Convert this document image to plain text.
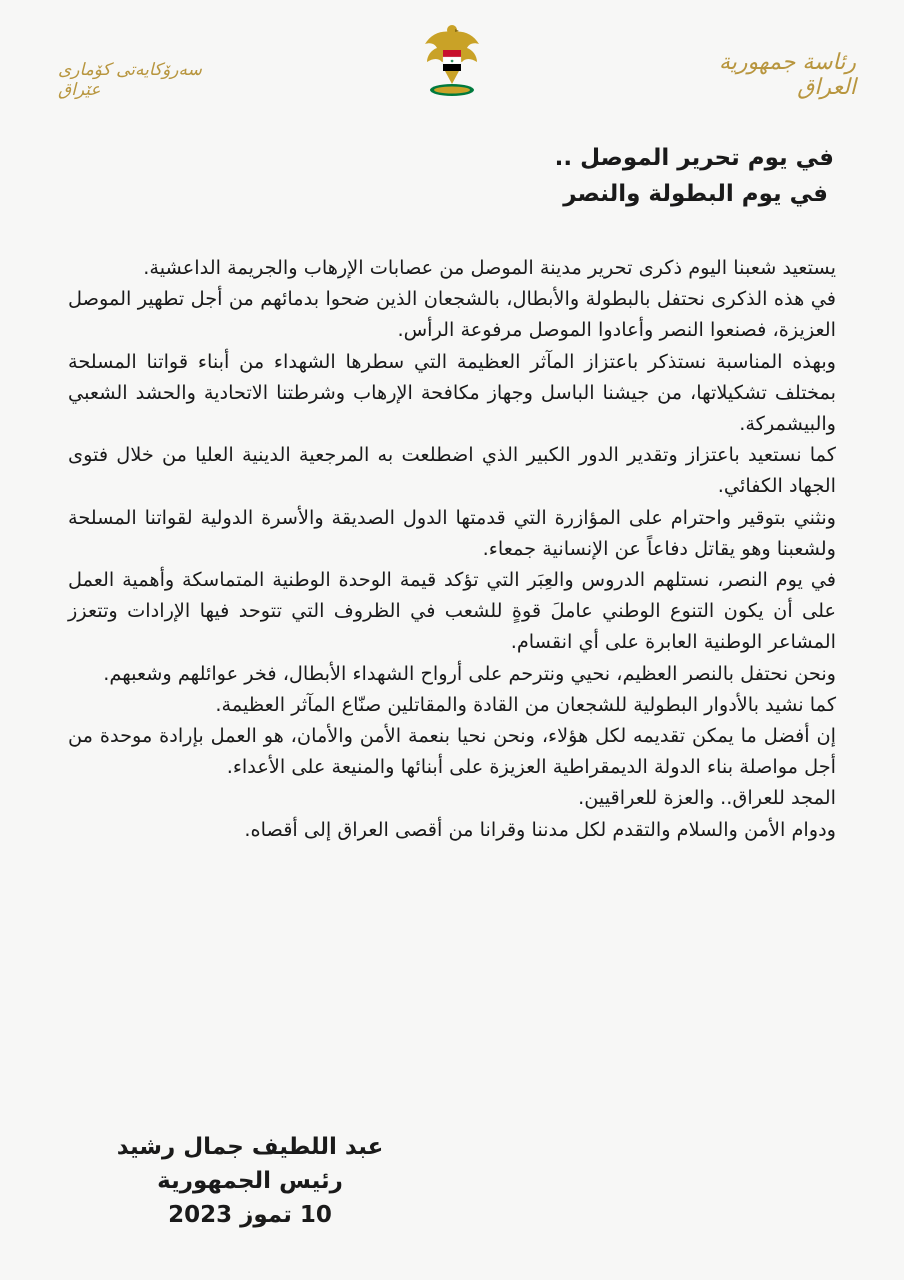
رئاسة جمهورية العراق
✱
سەرۆکایەتی کۆماری عێراق
في يوم تحرير الموصل ..
في يوم البطولة والنصر

يستعيد شعبنا اليوم ذكرى تحرير مدينة الموصل من عصابات الإرهاب والجريمة الداعشية.

في هذه الذكرى نحتفل بالبطولة والأبطال، بالشجعان الذين ضحوا بدمائهم من أجل تطهير الموصل العزيزة، فصنعوا النصر وأعادوا الموصل مرفوعة الرأس.

وبهذه المناسبة نستذكر باعتزاز المآثر العظيمة التي سطرها الشهداء من أبناء قواتنا المسلحة بمختلف تشكيلاتها، من جيشنا الباسل وجهاز مكافحة الإرهاب وشرطتنا الاتحادية والحشد الشعبي والبيشمركة.

كما نستعيد باعتزاز وتقدير الدور الكبير الذي اضطلعت به المرجعية الدينية العليا من خلال فتوى الجهاد الكفائي.

ونثني بتوقير واحترام على المؤازرة التي قدمتها الدول الصديقة والأسرة الدولية لقواتنا المسلحة ولشعبنا وهو يقاتل دفاعاً عن الإنسانية جمعاء.

في يوم النصر، نستلهم الدروس والعِبَر التي تؤكد قيمة الوحدة الوطنية المتماسكة وأهمية العمل على أن يكون التنوع الوطني عاملَ قوةٍ للشعب في الظروف التي تتوحد فيها الإرادات وتتعزز المشاعر الوطنية العابرة على أي انقسام.

ونحن نحتفل بالنصر العظيم، نحيي ونترحم على أرواح الشهداء الأبطال، فخر عوائلهم وشعبهم.

كما نشيد بالأدوار البطولية للشجعان من القادة والمقاتلين صنّاع المآثر العظيمة.

إن أفضل ما يمكن تقديمه لكل هؤلاء، ونحن نحيا بنعمة الأمن والأمان، هو العمل بإرادة موحدة من أجل مواصلة بناء الدولة الديمقراطية العزيزة على أبنائها والمنيعة على الأعداء.

المجد للعراق.. والعزة للعراقيين.

ودوام الأمن والسلام والتقدم لكل مدننا وقرانا من أقصى العراق إلى أقصاه.

عبد اللطيف جمال رشيد
رئيس الجمهورية
10 تموز 2023
